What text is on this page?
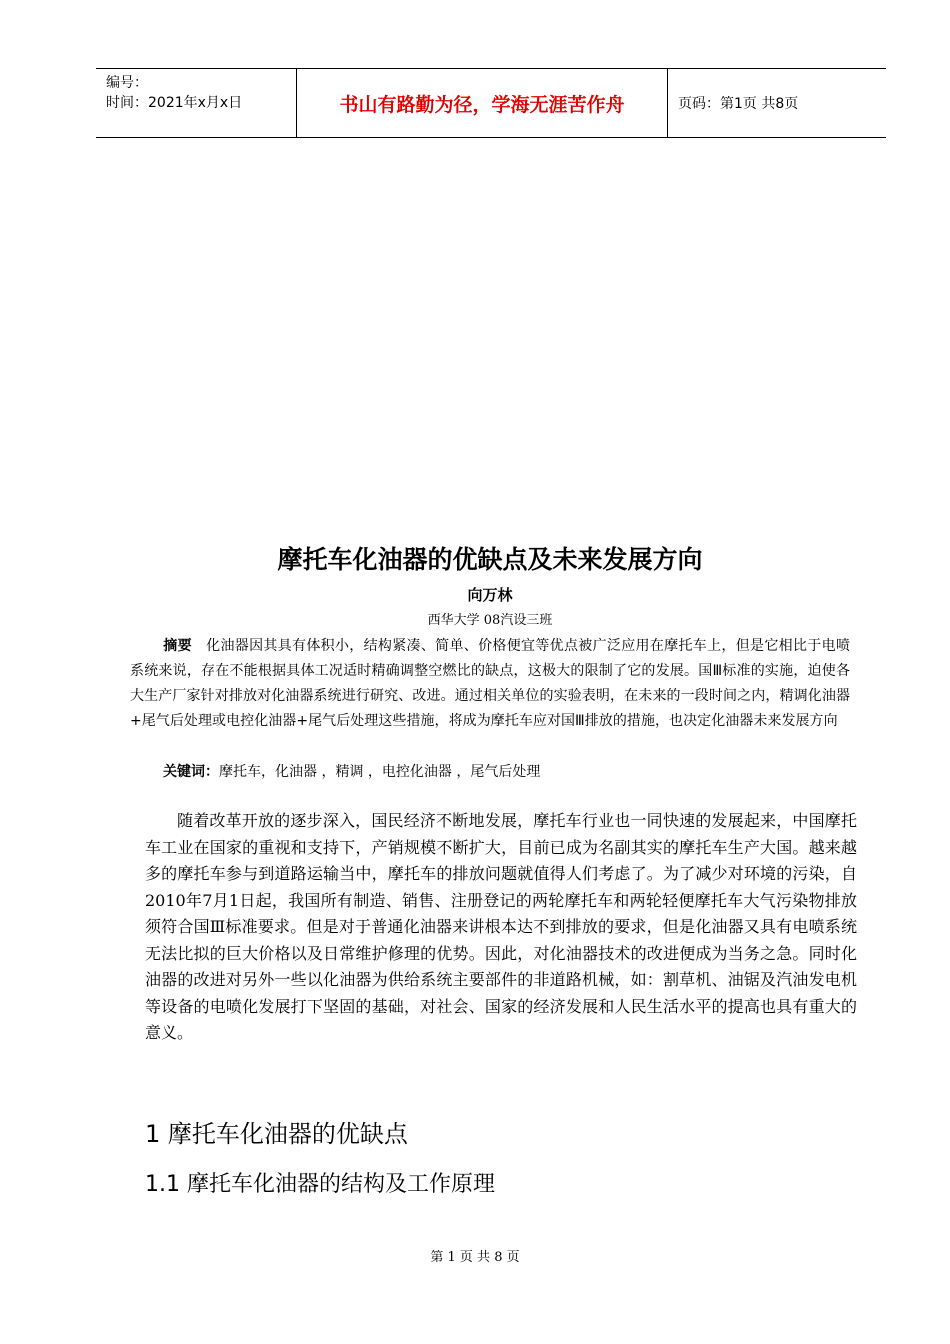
编号：
时间：2021年x月x日	书山有路勤为径，学海无涯苦作舟	页码：第1页 共8页
摩托车化油器的优缺点及未来发展方向
向万林
西华大学 08汽设三班
摘要 化油器因其具有体积小，结构紧凑、简单、价格便宜等优点被广泛应用在摩托车上，但是它相比于电喷系统来说，存在不能根据具体工况适时精确调整空燃比的缺点，这极大的限制了它的发展。国Ⅲ标准的实施，迫使各大生产厂家针对排放对化油器系统进行研究、改进。通过相关单位的实验表明，在未来的一段时间之内，精调化油器+尾气后处理或电控化油器+尾气后处理这些措施，将成为摩托车应对国Ⅲ排放的措施，也决定化油器未来发展方向
关键词：摩托车，化油器 ，精调 ，电控化油器 ，尾气后处理
随着改革开放的逐步深入，国民经济不断地发展，摩托车行业也一同快速的发展起来，中国摩托车工业在国家的重视和支持下，产销规模不断扩大，目前已成为名副其实的摩托车生产大国。越来越多的摩托车参与到道路运输当中，摩托车的排放问题就值得人们考虑了。为了减少对环境的污染，自2010年7月1日起，我国所有制造、销售、注册登记的两轮摩托车和两轮轻便摩托车大气污染物排放须符合国Ⅲ标准要求。但是对于普通化油器来讲根本达不到排放的要求，但是化油器又具有电喷系统无法比拟的巨大价格以及日常维护修理的优势。因此，对化油器技术的改进便成为当务之急。同时化油器的改进对另外一些以化油器为供给系统主要部件的非道路机械，如：割草机、油锯及汽油发电机等设备的电喷化发展打下坚固的基础，对社会、国家的经济发展和人民生活水平的提高也具有重大的意义。
1 摩托车化油器的优缺点
1.1 摩托车化油器的结构及工作原理
第 1 页 共 8 页
